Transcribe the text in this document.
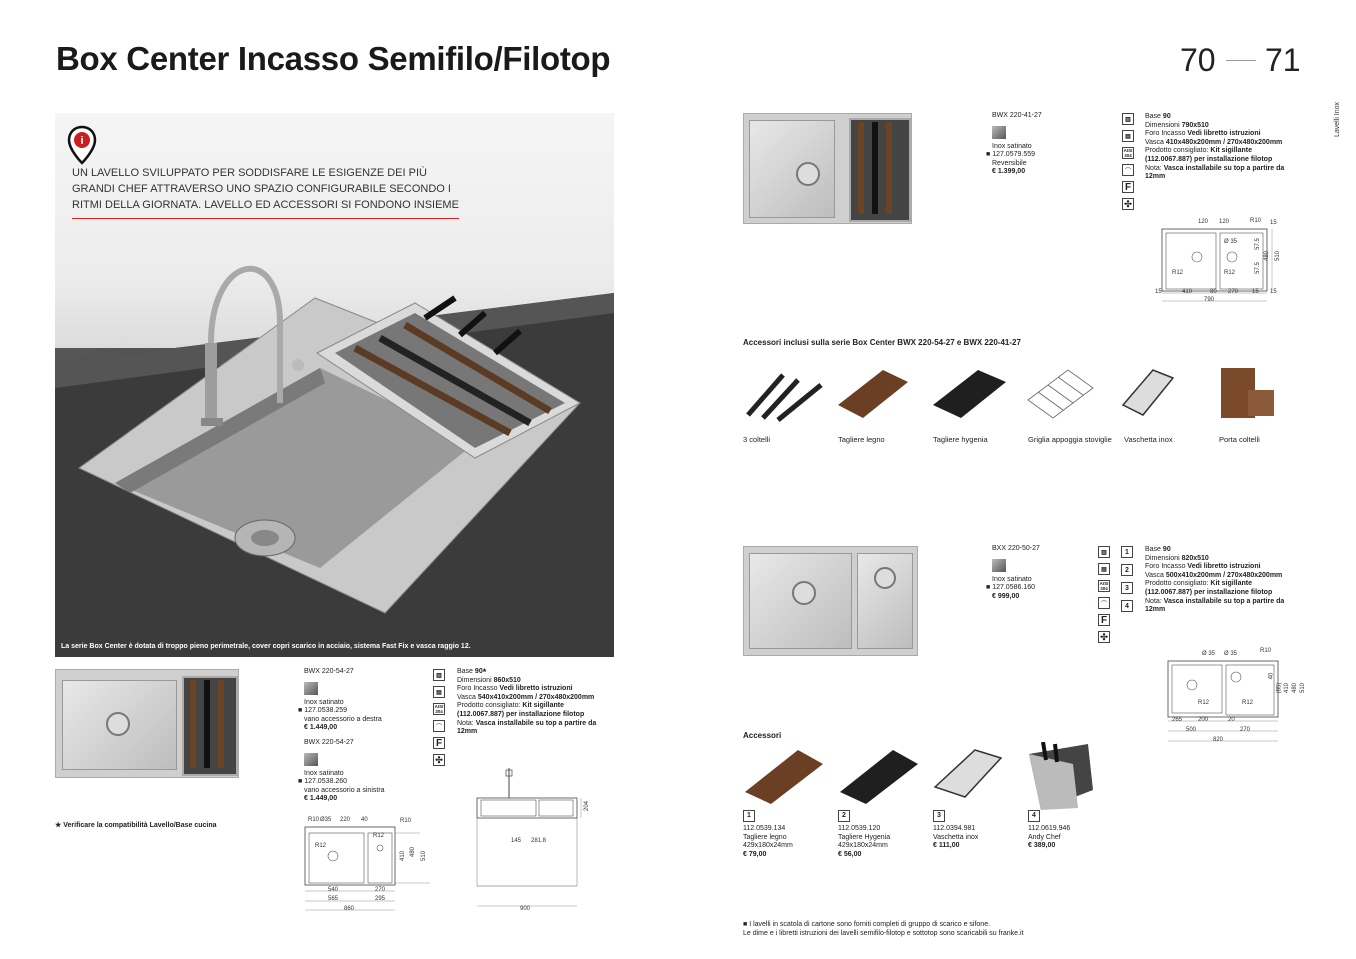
Box Center Incasso Semifilo/Filotop	70 71
Lavelli Inox
i
UN LAVELLO SVILUPPATO PER SODDISFARE LE ESIGENZE DEI PIÙ GRANDI CHEF ATTRAVERSO UNO SPAZIO CONFIGURABILE SECONDO I RITMI DELLA GIORNATA. LAVELLO ED ACCESSORI SI FONDONO INSIEME
La serie Box Center è dotata di troppo pieno perimetrale, cover copri scarico in acciaio, sistema Fast Fix e vasca raggio 12.
BWX 220-54-27
Inox satinato
■ 127.0538.259
vano accessorio a destra
€ 1.449,00
BWX 220-54-27
Inox satinato
■ 127.0538.260
vano accessorio a sinistra
€ 1.449,00
▥
▤
AISI
304
⌒
F
✣
Base 90*
Dimensioni 860x510
Foro Incasso Vedi libretto istruzioni
Vasca 540x410x200mm / 270x480x200mm
Prodotto consigliato: Kit sigillante
(112.0067.887) per installazione filotop
Nota: Vasca installabile su top a partire da
12mm
★ Verificare la compatibilità Lavello/Base cucina
R10 Ø35 220 40	R10
R12
R12
410 480 510
540	270
565	295
860
204
145 281.8
900
BWX 220-41-27
Inox satinato
■ 127.0579.559
Reversibile
€ 1.399,00
▥
▤
AISI
304
⌒
F
✣
Base 90
Dimensioni 790x510
Foro Incasso Vedi libretto istruzioni
Vasca 410x480x200mm / 270x480x200mm
Prodotto consigliato: Kit sigillante
(112.0067.887) per installazione filotop
Nota: Vasca installabile su top a partire da
12mm
120 120	R10 15
Ø 35	57.5
57.5
480 510
R12	R12
15	410	80 270 15 15
790
Accessori inclusi sulla serie Box Center BWX 220-54-27 e BWX 220-41-27
3 coltelli	Tagliere legno	Tagliere hygenia	Griglia appoggia stoviglie Vaschetta inox	Porta coltelli
BXX 220-50-27
Inox satinato
■ 127.0586.160
€ 999,00
▥
▤
AISI
304
⌒
F
✣
1
2
3
4
Base 90
Dimensioni 820x510
Foro Incasso Vedi libretto istruzioni
Vasca 500x410x200mm / 270x480x200mm
Prodotto consigliato: Kit sigillante
(112.0067.887) per installazione filotop
Nota: Vasca installabile su top a partire da
12mm
Ø 35 Ø 35	R10
40
(85) 410 480 510
R12	R12
265	200	20
500	270
820
Accessori
1
112.0539.134
Tagliere legno
429x180x24mm
€ 79,00
2
112.0539.120
Tagliere Hygenia
429x180x24mm
€ 56,00
3
112.0394.981
Vaschetta inox
€ 111,00
4
112.0619.946
Andy Chef
€ 389,00
■ I lavelli in scatola di cartone sono forniti completi di gruppo di scarico e sifone.
Le dime e i libretti istruzioni dei lavelli semifilo-filotop e sottotop sono scaricabili su franke.it
